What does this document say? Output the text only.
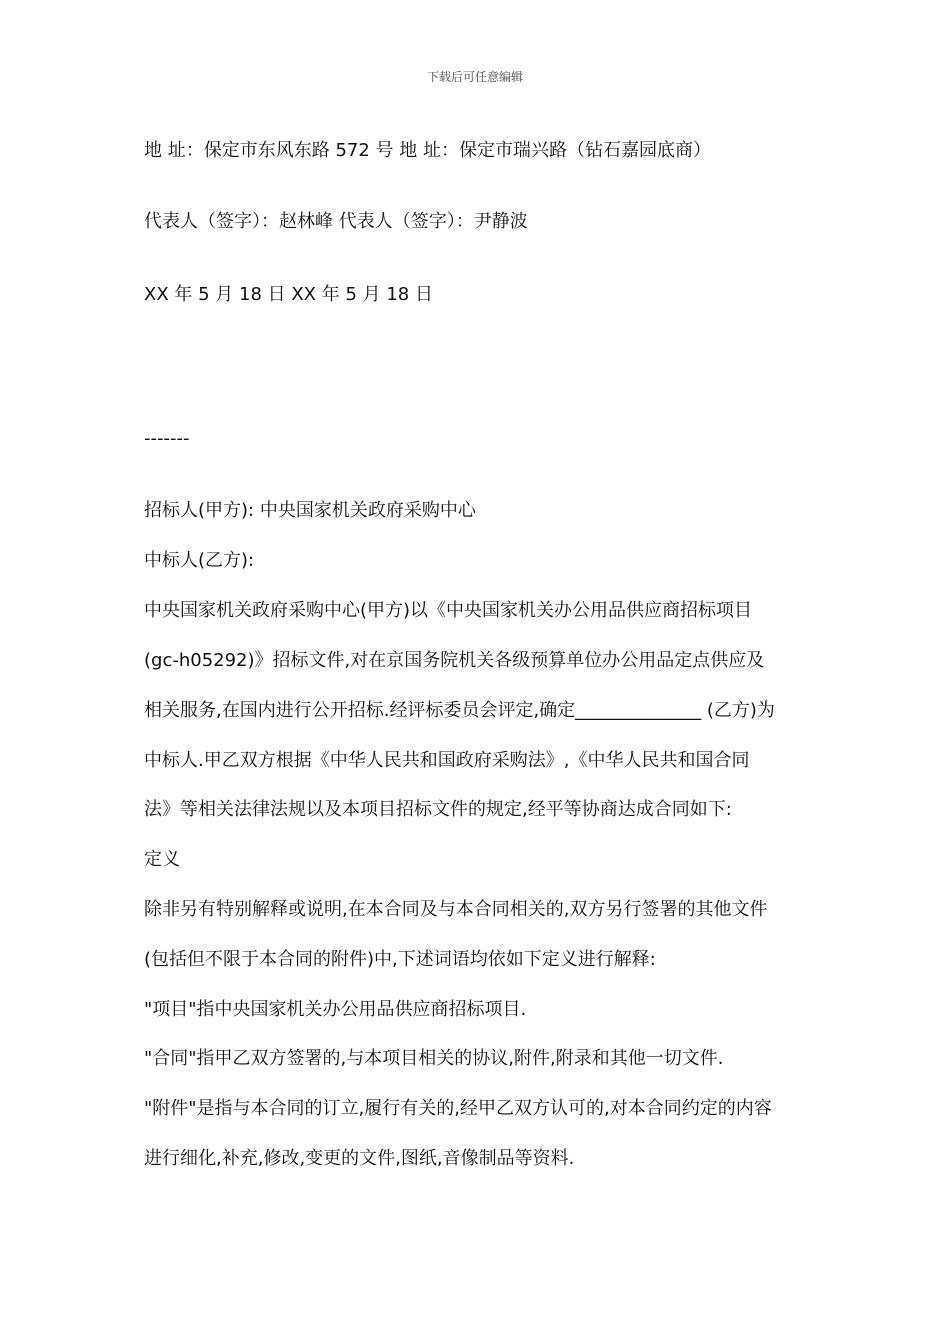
下载后可任意编辑
地 址：保定市东风东路 572 号 地 址：保定市瑞兴路（钻石嘉园底商）
代表人（签字）：赵林峰 代表人（签字）：尹静波
XX 年 5 月 18 日 XX 年 5 月 18 日
-------
招标人(甲方): 中央国家机关政府采购中心
中标人(乙方):
中央国家机关政府采购中心(甲方)以《中央国家机关办公用品供应商招标项目
(gc-h05292)》招标文件,对在京国务院机关各级预算单位办公用品定点供应及
相关服务,在国内进行公开招标.经评标委员会评定,确定______________ (乙方)为
中标人.甲乙双方根据《中华人民共和国政府采购法》,《中华人民共和国合同
法》等相关法律法规以及本项目招标文件的规定,经平等协商达成合同如下:
定义
除非另有特别解释或说明,在本合同及与本合同相关的,双方另行签署的其他文件
(包括但不限于本合同的附件)中,下述词语均依如下定义进行解释:
"项目"指中央国家机关办公用品供应商招标项目.
"合同"指甲乙双方签署的,与本项目相关的协议,附件,附录和其他一切文件.
"附件"是指与本合同的订立,履行有关的,经甲乙双方认可的,对本合同约定的内容
进行细化,补充,修改,变更的文件,图纸,音像制品等资料.
